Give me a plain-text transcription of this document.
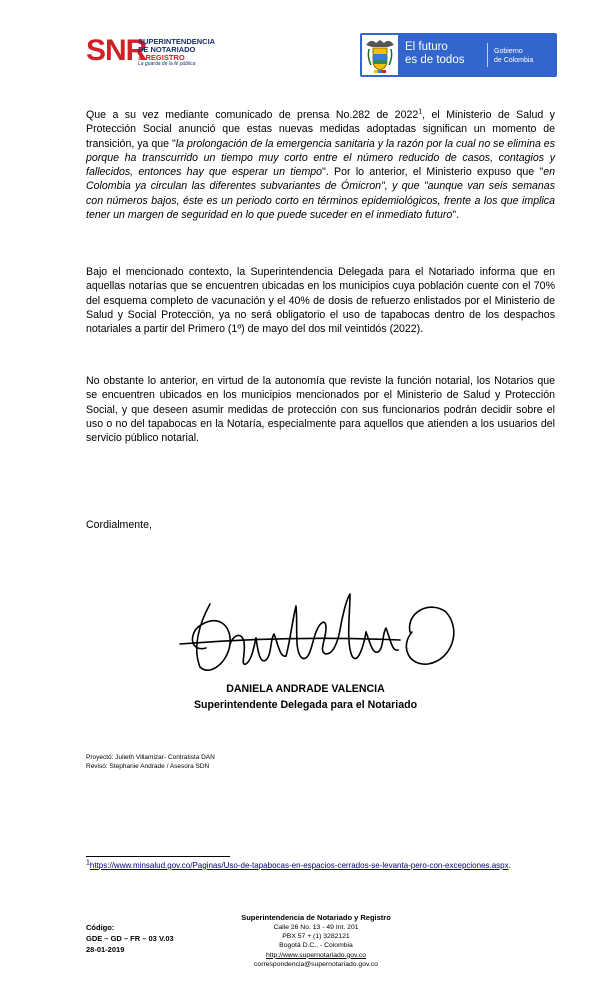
SNR
SUPERINTENDENCIA
DE NOTARIADO
& REGISTRO
La guarda de la fe pública
El futuro
es de todos
Gobierno
de Colombia

Que a su vez mediante comunicado de prensa No.282 de 2022$^1$, el Ministerio de Salud y Protección Social anunció que estas nuevas medidas adoptadas significan un momento de transición, ya que "la prolongación de la emergencia sanitaria y la razón por la cual no se elimina es porque ha transcurrido un tiempo muy corto entre el número reducido de casos, contagios y fallecidos, entonces hay que esperar un tiempo". Por lo anterior, el Ministerio expuso que "en Colombia ya circulan las diferentes subvariantes de Ómicron", y que "aunque van seis semanas con números bajos, éste es un periodo corto en términos epidemiológicos, frente a los que implica tener un margen de seguridad en lo que puede suceder en el inmediato futuro".

Bajo el mencionado contexto, la Superintendencia Delegada para el Notariado informa que en aquellas notarías que se encuentren ubicadas en los municipios cuya población cuente con el 70% del esquema completo de vacunación y el 40% de dosis de refuerzo enlistados por el Ministerio de Salud y Social Protección, ya no será obligatorio el uso de tapabocas dentro de los despachos notariales a partir del Primero (1º) de mayo del dos mil veintidós (2022).

No obstante lo anterior, en virtud de la autonomía que reviste la función notarial, los Notarios que se encuentren ubicados en los municipios mencionados por el Ministerio de Salud y Protección Social, y que deseen asumir medidas de protección con sus funcionarios podrán decidir sobre el uso o no del tapabocas en la Notaría, especialmente para aquellos que atienden a los usuarios del servicio público notarial.

Cordialmente,
DANIELA ANDRADE VALENCIA
Superintendente Delegada para el Notariado
Proyectó: Julieth Villamizar- Contratista DAN
Revisó: Stephanie Andrade / Asesora SDN
$^1$https://www.minsalud.gov.co/Paginas/Uso-de-tapabocas-en-espacios-cerrados-se-levanta-pero-con-excepciones.aspx.
Código:
GDE – GD – FR – 03 V.03
28-01-2019
Superintendencia de Notariado y Registro
Calle 26 No. 13 - 49 Int. 201
PBX 57 + (1) 3282121
Bogotá D.C., - Colombia
http://www.supernotariado.gov.co
correspondencia@supernotariado.gov.co
